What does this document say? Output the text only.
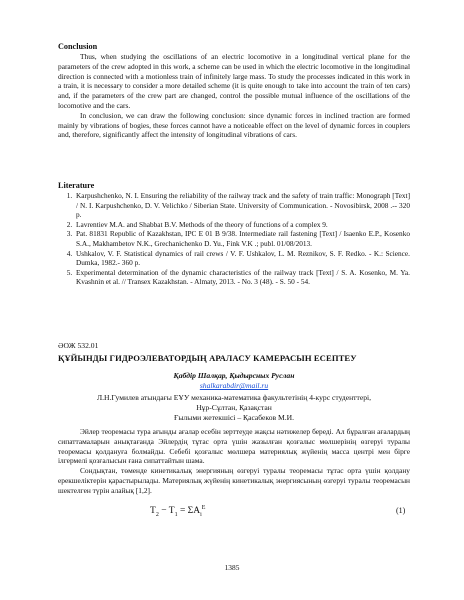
Conclusion

Thus, when studying the oscillations of an electric locomotive in a longitudinal vertical plane for the parameters of the crew adopted in this work, a scheme can be used in which the electric locomotive in the longitudinal direction is connected with a motionless train of infinitely large mass. To study the processes indicated in this work in a train, it is necessary to consider a more detailed scheme (it is quite enough to take into account the train of ten cars) and, if the parameters of the crew part are changed, control the possible mutual influence of the oscillations of the locomotive and the cars.

In conclusion, we can draw the following conclusion: since dynamic forces in inclined traction are formed mainly by vibrations of bogies, these forces cannot have a noticeable effect on the level of dynamic forces in couplers and, therefore, significantly affect the intensity of longitudinal vibrations of cars.

Literature
1. Karpushchenko, N. I. Ensuring the reliability of the railway track and the safety of train traffic: Monograph [Text] / N. I. Karpushchenko, D. V. Velichko / Siberian State. University of Communication. - Novosibirsk, 2008 .-- 320 p.
2. Lavrentiev M.A. and Shabbat B.V. Methods of the theory of functions of a complex 9.
3. Pat. 81831 Republic of Kazakhstan, IPC E 01 B 9/38. Intermediate rail fastening [Text] / Isaenko E.P., Kosenko S.A., Makhambetov N.K., Grechanichenko D. Yu., Fink V.K .; publ. 01/08/2013.
4. Ushkalov, V. F. Statistical dynamics of rail crews / V. F. Ushkalov, L. M. Reznikov, S. F. Redko. - K.: Science. Dumka, 1982.- 360 p.
5. Experimental determination of the dynamic characteristics of the railway track [Text] / S. A. Kosenko, M. Ya. Kvashnin et al. // Transex Kazakhstan. - Almaty, 2013. - No. 3 (48). - S. 50 - 54.
ӘОЖ 532.01
ҚҰЙЫНДЫ ГИДРОЭЛЕВАТОРДЫҢ АРАЛАСУ КАМЕРАСЫН ЕСЕПТЕУ
Қабдір Шалқар, Қыдырсных Руслан
shalkarabdir@mail.ru
Л.Н.Гумилев атындағы ЕҰУ механика-математика факультетінің 4-курс студенттері,
Нұр-Сұлтан, Қазақстан
Ғылыми жетекшісі – Қасабеков М.И.

Эйлер теоремасы тура ағынды ағалар есебін зерттеуде жақсы нәтижелер береді. Ал бұралған ағалардың сипаттамаларын анықтағанда Эйлердің тұтас орта үшін жазылған қозғалыс мөлшерінің өзгеруі туралы теоремасы қолдануға болмайды. Себебі қозғалыс мөлшера материялық жүйенің масса центрі мен бірге ілгермелі қозғалысын ғана сипаттайтын шама.

Сондықтан, төменде кинетикалық энергияның өзгеруі туралы теоремасы тұтас орта үшін қолдану ерекшеліктерін қарастырылады. Материялық жүйенің кинетикалық энергиясының өзгеруі туралы теоремасын шектелген түрін алайық [1,2].

$T_2 - T_1 = \Sigma A_i^E$	(1)
1385
